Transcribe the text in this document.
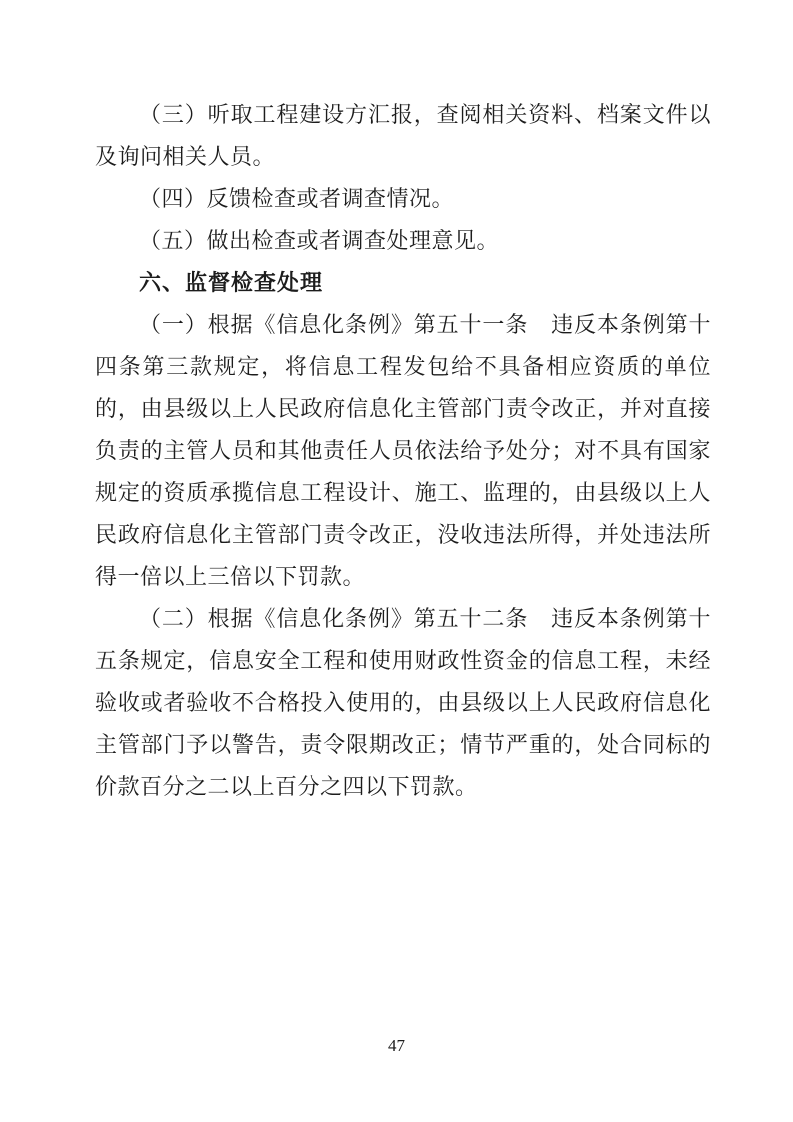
（三）听取工程建设方汇报，查阅相关资料、档案文件以及询问相关人员。

（四）反馈检查或者调查情况。

（五）做出检查或者调查处理意见。

六、监督检查处理

（一）根据《信息化条例》第五十一条　违反本条例第十四条第三款规定，将信息工程发包给不具备相应资质的单位的，由县级以上人民政府信息化主管部门责令改正，并对直接负责的主管人员和其他责任人员依法给予处分；对不具有国家规定的资质承揽信息工程设计、施工、监理的，由县级以上人民政府信息化主管部门责令改正，没收违法所得，并处违法所得一倍以上三倍以下罚款。

（二）根据《信息化条例》第五十二条　违反本条例第十五条规定，信息安全工程和使用财政性资金的信息工程，未经验收或者验收不合格投入使用的，由县级以上人民政府信息化主管部门予以警告，责令限期改正；情节严重的，处合同标的价款百分之二以上百分之四以下罚款。

47
